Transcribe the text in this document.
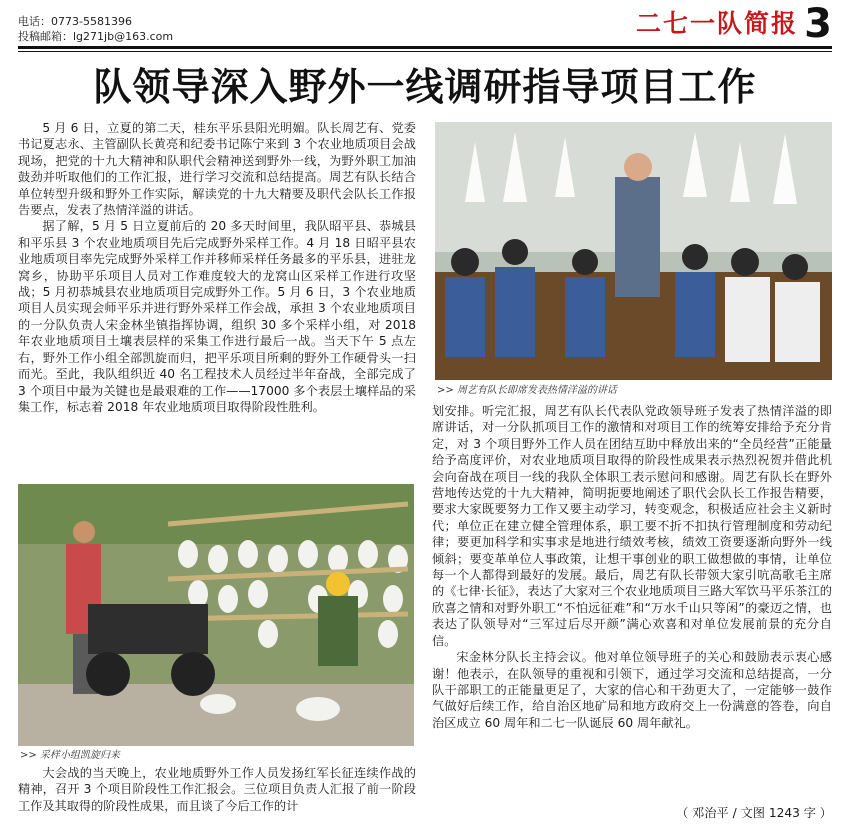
电话：0773-5581396
投稿邮箱：lg271jb@163.com	二七一队简报 3
队领导深入野外一线调研指导项目工作

5 月 6 日，立夏的第二天，桂东平乐县阳光明媚。队长周艺有、党委书记夏志永、主管副队长黄亮和纪委书记陈宁来到 3 个农业地质项目会战现场，把党的十九大精神和队职代会精神送到野外一线，为野外职工加油鼓劲并听取他们的工作汇报，进行学习交流和总结提高。周艺有队长结合单位转型升级和野外工作实际，解读党的十九大精要及职代会队长工作报告要点，发表了热情洋溢的讲话。

据了解，5 月 5 日立夏前后的 20 多天时间里，我队昭平县、恭城县和平乐县 3 个农业地质项目先后完成野外采样工作。4 月 18 日昭平县农业地质项目率先完成野外采样工作并移师采样任务最多的平乐县，进驻龙窝乡，协助平乐项目人员对工作难度较大的龙窝山区采样工作进行攻坚战；5 月初恭城县农业地质项目完成野外工作。5 月 6 日，3 个农业地质项目人员实现会师平乐并进行野外采样工作会战，承担 3 个农业地质项目的一分队负责人宋金林坐镇指挥协调，组织 30 多个采样小组，对 2018 年农业地质项目土壤表层样的采集工作进行最后一战。当天下午 5 点左右，野外工作小组全部凯旋而归，把平乐项目所剩的野外工作硬骨头一扫而光。至此，我队组织近 40 名工程技术人员经过半年奋战，全部完成了 3 个项目中最为关键也是最艰难的工作——17000 多个表层土壤样品的采集工作，标志着 2018 年农业地质项目取得阶段性胜利。

>> 周艺有队长即席发表热情洋溢的讲话
>> 采样小组凯旋归来

大会战的当天晚上，农业地质野外工作人员发扬红军长征连续作战的精神，召开 3 个项目阶段性工作汇报会。三位项目负责人汇报了前一阶段工作及其取得的阶段性成果，而且谈了今后工作的计

划安排。听完汇报，周艺有队长代表队党政领导班子发表了热情洋溢的即席讲话，对一分队抓项目工作的激情和对项目工作的统筹安排给予充分肯定，对 3 个项目野外工作人员在团结互助中释放出来的“全员经营”正能量给予高度评价，对农业地质项目取得的阶段性成果表示热烈祝贺并借此机会向奋战在项目一线的我队全体职工表示慰问和感谢。周艺有队长在野外营地传达党的十九大精神，简明扼要地阐述了职代会队长工作报告精要，要求大家既要努力工作又要主动学习，转变观念，积极适应社会主义新时代；单位正在建立健全管理体系，职工要不折不扣执行管理制度和劳动纪律；要更加科学和实事求是地进行绩效考核，绩效工资要逐渐向野外一线倾斜；要变革单位人事政策，让想干事创业的职工做想做的事情，让单位每一个人都得到最好的发展。最后，周艺有队长带领大家引吭高歌毛主席的《七律·长征》，表达了大家对三个农业地质项目三路大军饮马平乐茶江的欣喜之情和对野外职工“不怕远征难”和“万水千山只等闲”的豪迈之情，也表达了队领导对“三军过后尽开颜”满心欢喜和对单位发展前景的充分自信。

宋金林分队长主持会议。他对单位领导班子的关心和鼓励表示衷心感谢！他表示，在队领导的重视和引领下，通过学习交流和总结提高，一分队干部职工的正能量更足了，大家的信心和干劲更大了，一定能够一鼓作气做好后续工作，给自治区地矿局和地方政府交上一份满意的答卷，向自治区成立 60 周年和二七一队诞辰 60 周年献礼。

（ 邓治平 / 文图 1243 字 ）
